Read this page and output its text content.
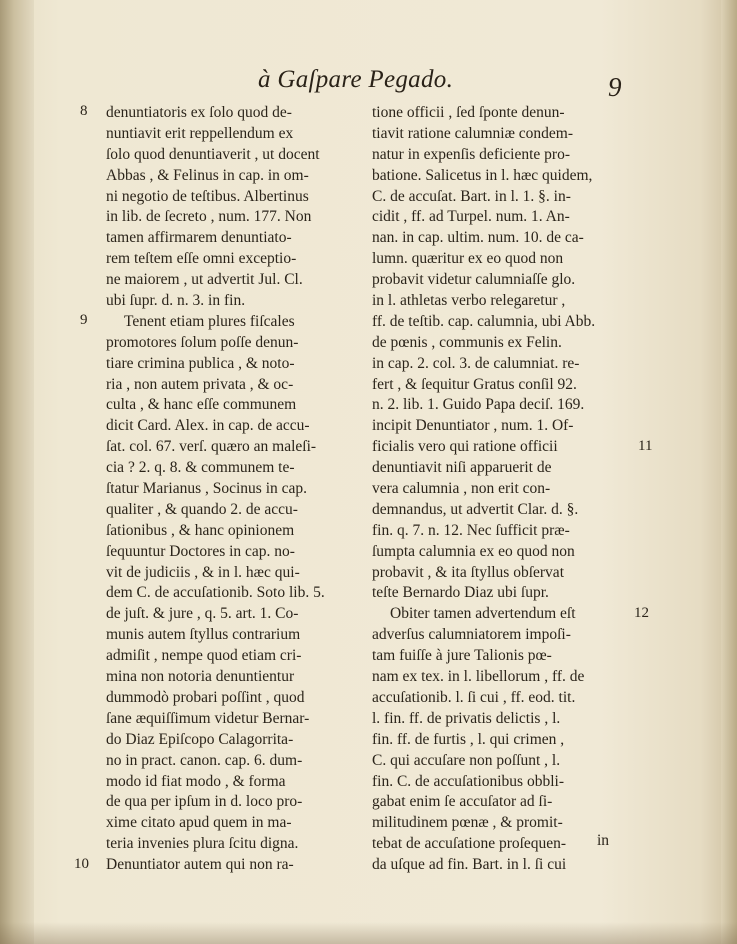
à Gaſpare Pegado.	9
8
9
10
11
12
denuntiatoris ex ſolo quod de-
nuntiavit erit reppellendum ex
ſolo quod denuntiaverit , ut docent
Abbas , & Felinus in cap. in om-
ni negotio de teſtibus. Albertinus
in lib. de ſecreto , num. 177. Non
tamen affirmarem denuntiato-
rem teſtem eſſe omni exceptio-
ne maiorem , ut advertit Jul. Cl.
ubi ſupr. d. n. 3. in fin.
Tenent etiam plures fiſcales
promotores ſolum poſſe denun-
tiare crimina publica , & noto-
ria , non autem privata , & oc-
culta , & hanc eſſe communem
dicit Card. Alex. in cap. de accu-
ſat. col. 67. verſ. quæro an maleſi-
cia ? 2. q. 8. & communem te-
ſtatur Marianus , Socinus in cap.
qualiter , & quando 2. de accu-
ſationibus , & hanc opinionem
ſequuntur Doctores in cap. no-
vit de judiciis , & in l. hæc qui-
dem C. de accuſationib. Soto lib. 5.
de juſt. & jure , q. 5. art. 1. Co-
munis autem ſtyllus contrarium
admiſit , nempe quod etiam cri-
mina non notoria denuntientur
dummodò probari poſſint , quod
ſane æquiſſimum videtur Bernar-
do Diaz Epiſcopo Calagorrita-
no in pract. canon. cap. 6. dum-
modo id fiat modo , & forma
de qua per ipſum in d. loco pro-
xime citato apud quem in ma-
teria invenies plura ſcitu digna.
Denuntiator autem qui non ra-
tione officii , ſed ſponte denun-
tiavit ratione calumniæ condem-
natur in expenſis deficiente pro-
batione. Salicetus in l. hæc quidem,
C. de accuſat. Bart. in l. 1. §. in-
cidit , ff. ad Turpel. num. 1. An-
nan. in cap. ultim. num. 10. de ca-
lumn. quæritur ex eo quod non
probavit videtur calumniaſſe glo.
in l. athletas verbo relegaretur ,
ff. de teſtib. cap. calumnia, ubi Abb.
de pœnis , communis ex Felin.
in cap. 2. col. 3. de calumniat. re-
fert , & ſequitur Gratus conſil 92.
n. 2. lib. 1. Guido Papa deciſ. 169.
incipit Denuntiator , num. 1. Of-
ficialis vero qui ratione officii
denuntiavit niſi apparuerit de
vera calumnia , non erit con-
demnandus, ut advertit Clar. d. §.
fin. q. 7. n. 12. Nec ſufficit præ-
ſumpta calumnia ex eo quod non
probavit , & ita ſtyllus obſervat
teſte Bernardo Diaz ubi ſupr.
Obiter tamen advertendum eſt
adverſus calumniatorem impoſi-
tam fuiſſe à jure Talionis pœ-
nam ex tex. in l. libellorum , ff. de
accuſationib. l. ſi cui , ff. eod. tit.
l. fin. ff. de privatis delictis , l.
fin. ff. de furtis , l. qui crimen ,
C. qui accuſare non poſſunt , l.
fin. C. de accuſationibus obbli-
gabat enim ſe accuſator ad ſi-
militudinem pœnæ , & promit-
tebat de accuſatione proſequen-
da uſque ad fin. Bart. in l. ſi cui
in
